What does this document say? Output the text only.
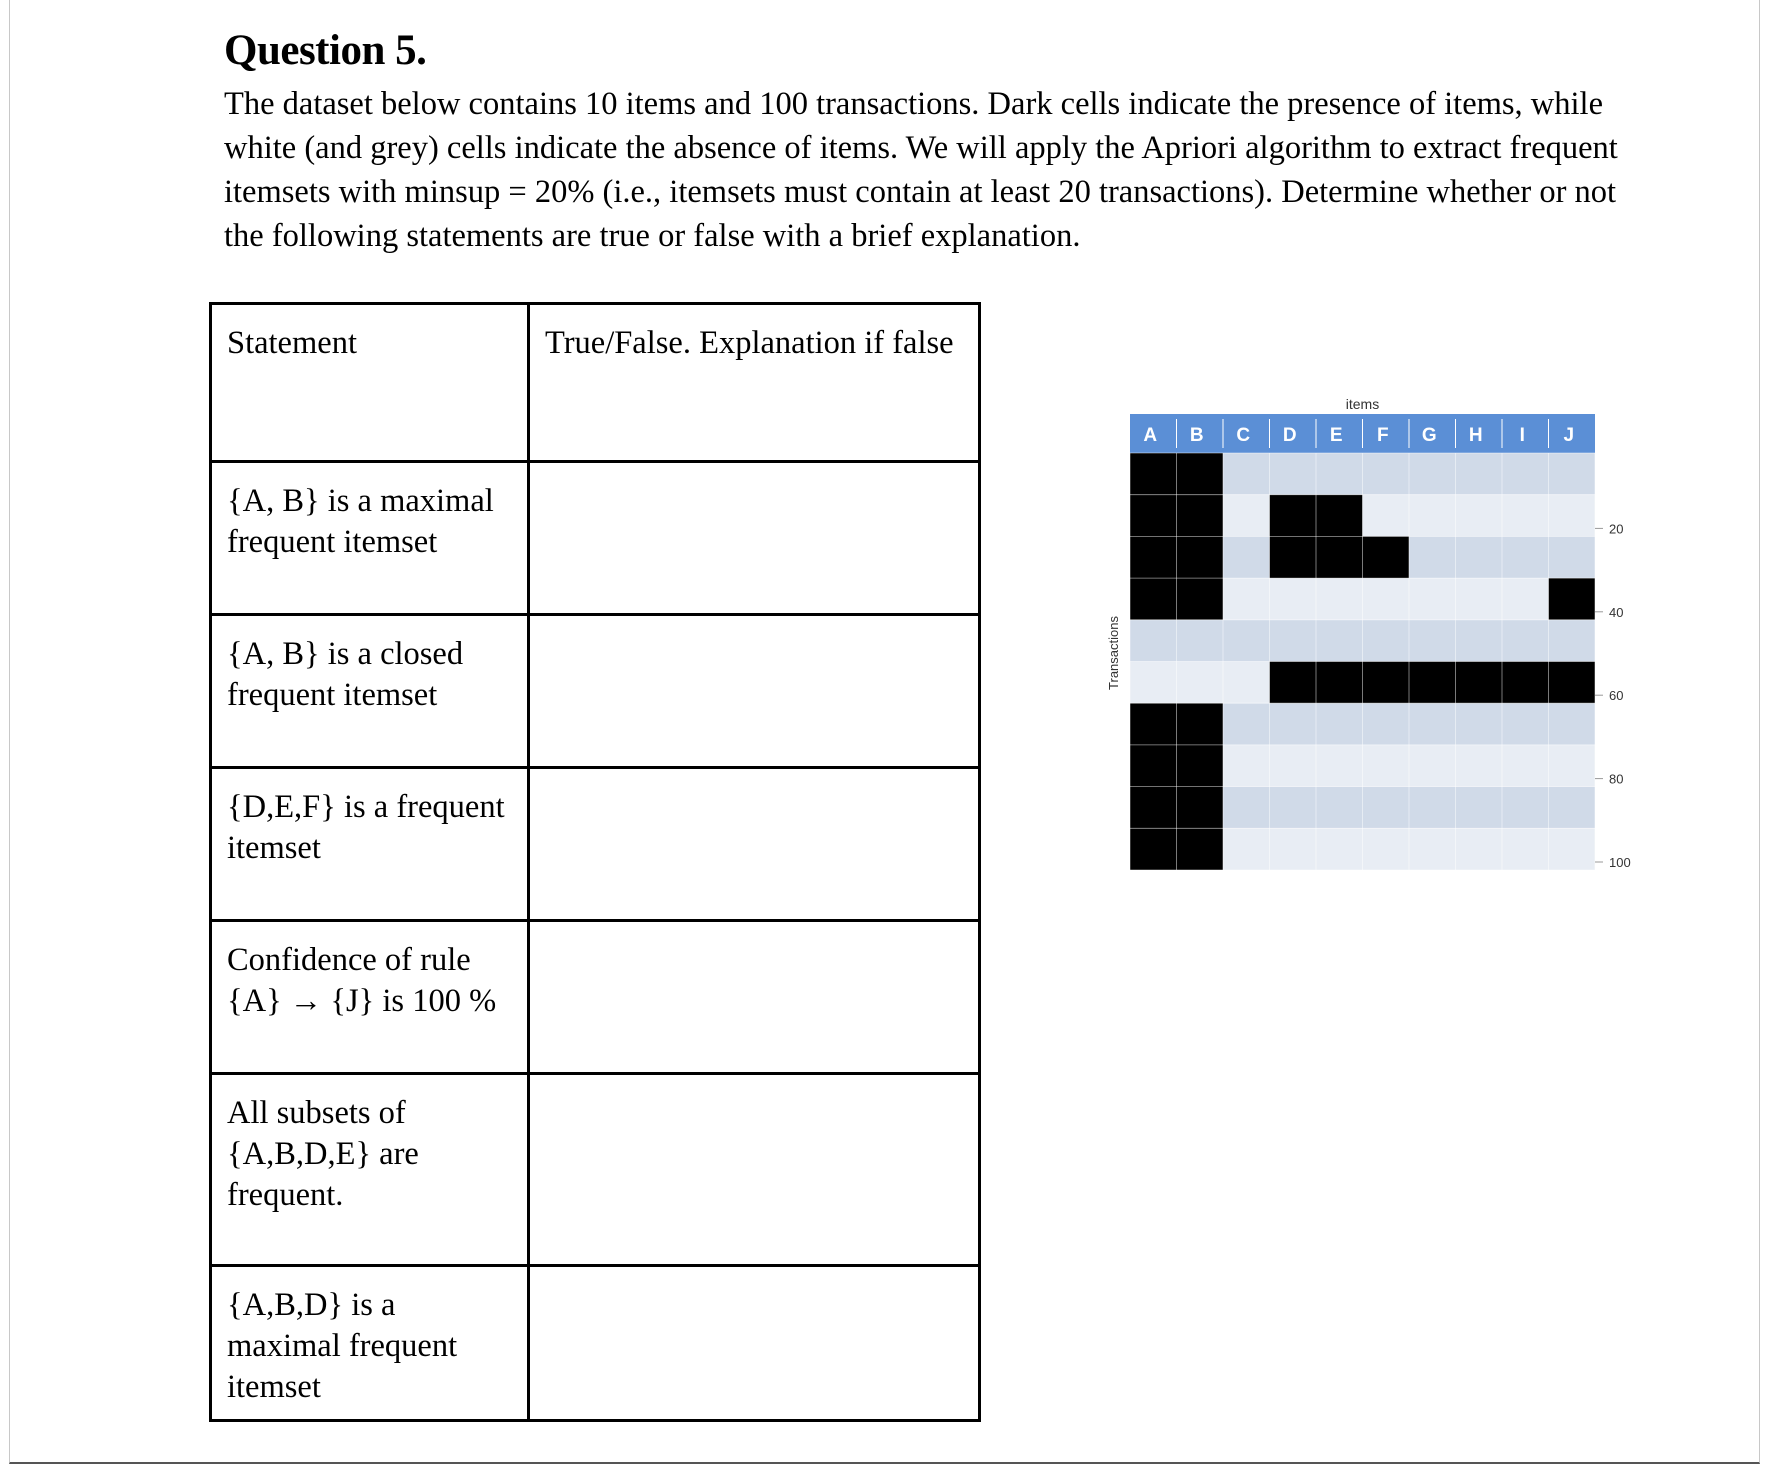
Question 5.

The dataset below contains 10 items and 100 transactions. Dark cells indicate the presence of items, while white (and grey) cells indicate the absence of items. We will apply the Apriori algorithm to extract frequent itemsets with minsup = 20% (i.e., itemsets must contain at least 20 transactions). Determine whether or not the following statements are true or false with a brief explanation.

Statement	True/False. Explanation if false
{A, B} is a maximal frequent itemset	
{A, B} is a closed frequent itemset	
{D,E,F} is a frequent itemset	
Confidence of rule {A} → {J} is 100 %	
All subsets of {A,B,D,E} are frequent.	
{A,B,D} is a maximal frequent itemset	
items
A B C D E F G H I J
20
40
60
80
100
Transactions
